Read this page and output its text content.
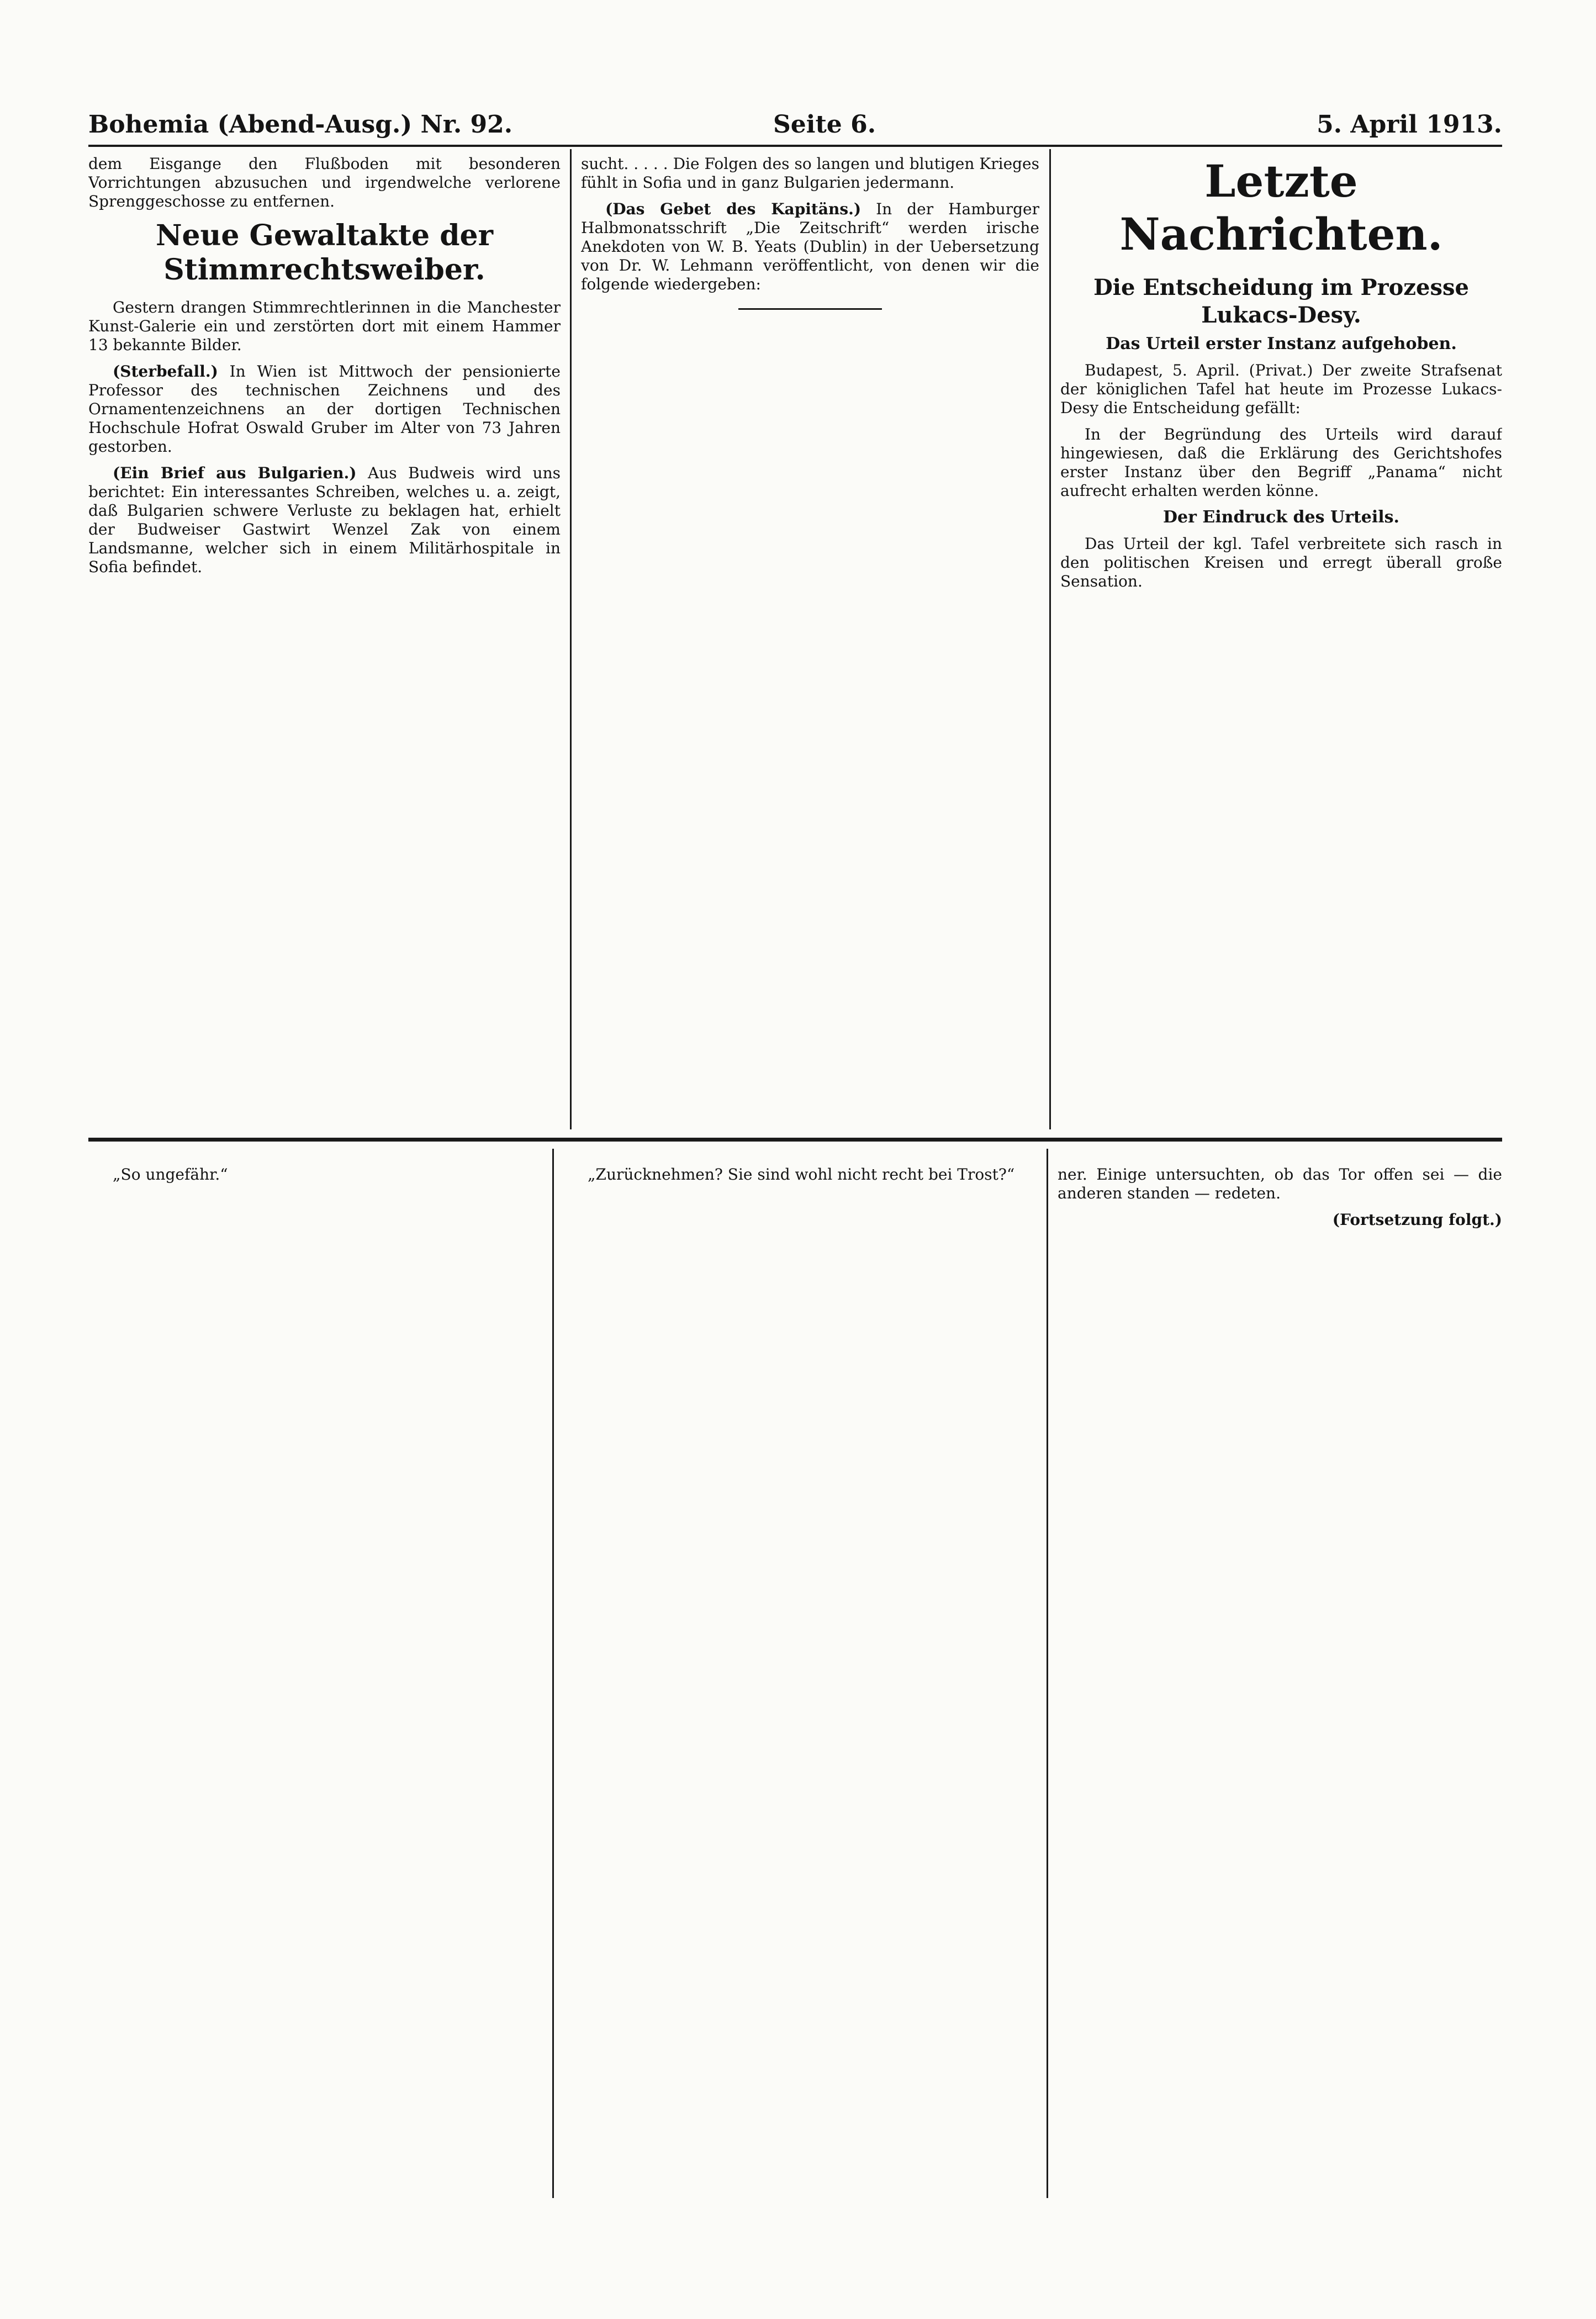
Bohemia (Abend-Ausg.) Nr. 92.	Seite 6.	5. April 1913.

dem Eisgange den Flußboden mit besonderen Vorrichtungen abzusuchen und irgendwelche verlorene Sprenggeschosse zu entfernen.

Neue Gewaltakte der Stimmrechtsweiber.

Gestern drangen Stimmrechtlerinnen in die Manchester Kunst-Galerie ein und zerstörten dort mit einem Hammer 13 bekannte Bilder.

(Sterbefall.) In Wien ist Mittwoch der pensionierte Professor des technischen Zeichnens und des Ornamentenzeichnens an der dortigen Technischen Hochschule Hofrat Oswald Gruber im Alter von 73 Jahren gestorben.

(Ein Brief aus Bulgarien.) Aus Budweis wird uns berichtet: Ein interessantes Schreiben, welches u. a. zeigt, daß Bulgarien schwere Verluste zu beklagen hat, erhielt der Budweiser Gastwirt Wenzel Zak von einem Landsmanne, welcher sich in einem Militärhospitale in Sofia befindet.

sucht. . . . . Die Folgen des so langen und blutigen Krieges fühlt in Sofia und in ganz Bulgarien jedermann.

(Das Gebet des Kapitäns.) In der Hamburger Halbmonatsschrift „Die Zeitschrift“ werden irische Anekdoten von W. B. Yeats (Dublin) in der Uebersetzung von Dr. W. Lehmann veröffentlicht, von denen wir die folgende wiedergeben:

Letzte Nachrichten.
Die Entscheidung im Prozesse Lukacs-Desy.
Das Urteil erster Instanz aufgehoben.

Budapest, 5. April. (Privat.) Der zweite Strafsenat der königlichen Tafel hat heute im Prozesse Lukacs-Desy die Entscheidung gefällt:

In der Begründung des Urteils wird darauf hingewiesen, daß die Erklärung des Gerichtshofes erster Instanz über den Begriff „Panama“ nicht aufrecht erhalten werden könne.

Der Eindruck des Urteils.

Das Urteil der kgl. Tafel verbreitete sich rasch in den politischen Kreisen und erregt überall große Sensation.

„So ungefähr.“	„Zurücknehmen? Sie sind wohl nicht recht bei Trost?“	ner. Einige untersuchten, ob das Tor offen sei — die anderen standen — redeten.

(Fortsetzung folgt.)
